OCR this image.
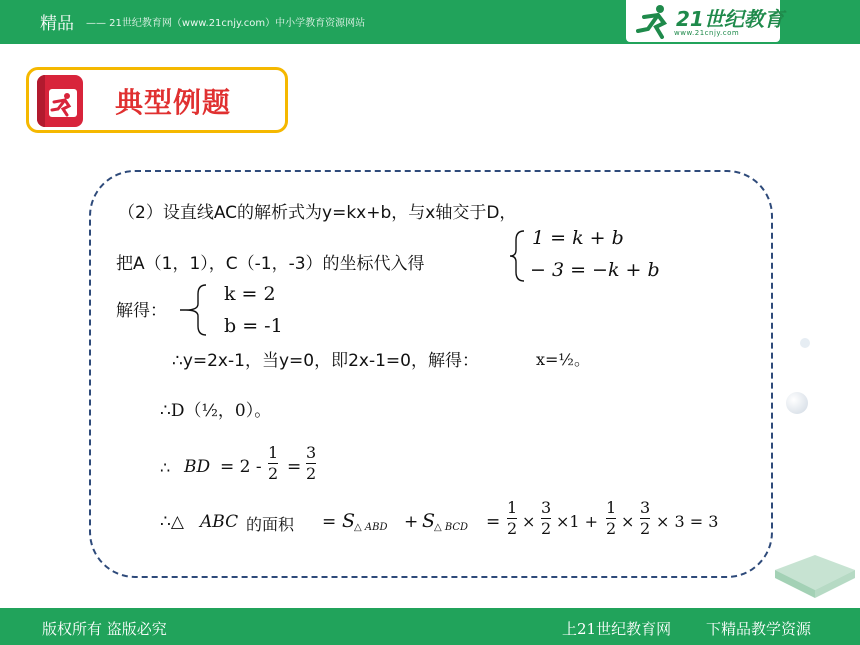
精品 —— 21世纪教育网（www.21cnjy.com）中小学教育资源网站	21世纪教育
www.21cnjy.com
典型例题
（2）设直线AC的解析式为y=kx+b，与x轴交于D，
把A（1，1），C（-1，-3）的坐标代入得
1 = k + b
− 3 = −k + b
解得：
k = 2
b = -1
∴y=2x-1，当y=0，即2x-1=0，解得：	x=½。
∴D（½，0）。
∴ BD = 2 -
1
2 =
3
2
∴△ ABC 的面积 = S
△ ABD + S
△ BCD =
1
2 ×
3
2 ×1 +
1
2 ×
3
2 × 3 = 3
版权所有 盗版必究	上21世纪教育网 下精品教学资源
